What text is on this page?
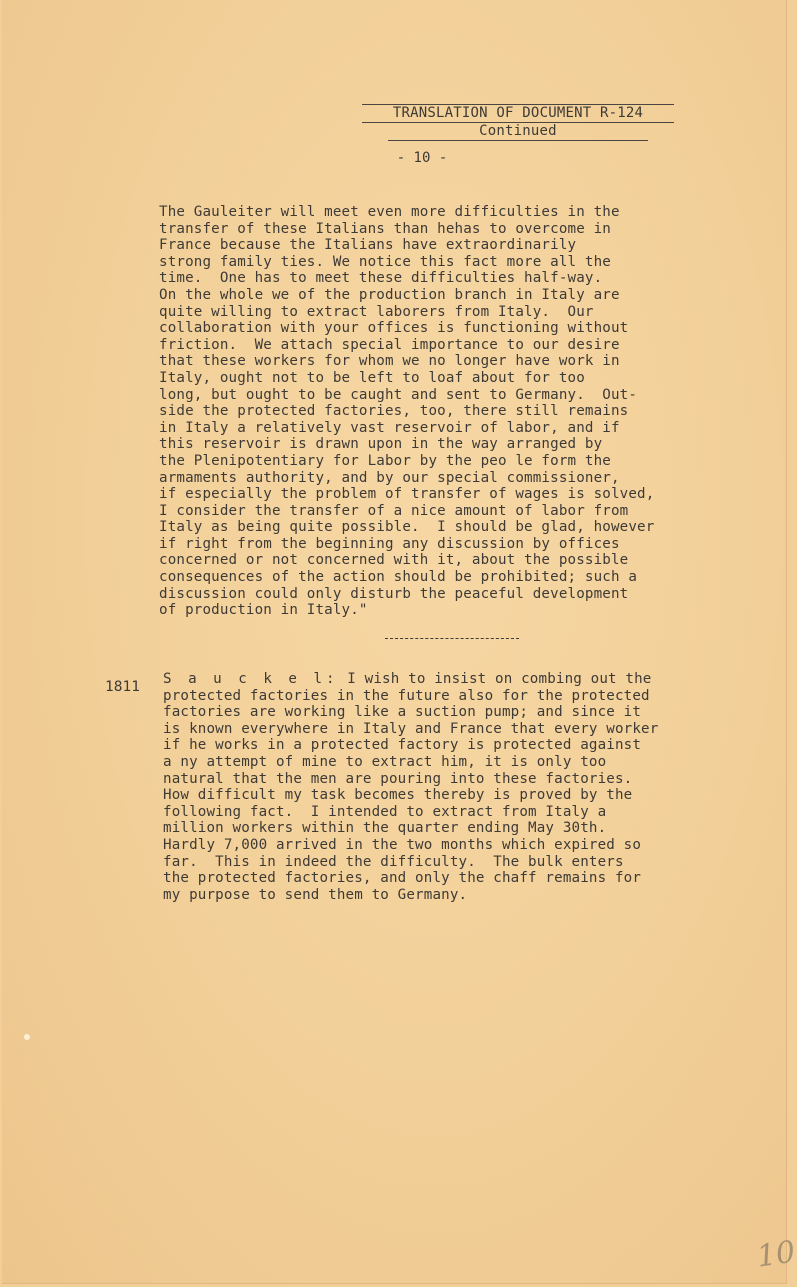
TRANSLATION OF DOCUMENT R-124
Continued
- 10 -
The Gauleiter will meet even more difficulties in the
transfer of these Italians than hehas to overcome in
France because the Italians have extraordinarily
strong family ties. We notice this fact more all the
time.  One has to meet these difficulties half-way.
On the whole we of the production branch in Italy are
quite willing to extract laborers from Italy.  Our
collaboration with your offices is functioning without
friction.  We attach special importance to our desire
that these workers for whom we no longer have work in
Italy, ought not to be left to loaf about for too
long, but ought to be caught and sent to Germany.  Out-
side the protected factories, too, there still remains
in Italy a relatively vast reservoir of labor, and if
this reservoir is drawn upon in the way arranged by
the Plenipotentiary for Labor by the peo le form the
armaments authority, and by our special commissioner,
if especially the problem of transfer of wages is solved,
I consider the transfer of a nice amount of labor from
Italy as being quite possible.  I should be glad, however
if right from the beginning any discussion by offices
concerned or not concerned with it, about the possible
consequences of the action should be prohibited; such a
discussion could only disturb the peaceful development
of production in Italy."
1811 S a u c k e l: I wish to insist on combing out the
protected factories in the future also for the protected
factories are working like a suction pump; and since it
is known everywhere in Italy and France that every worker
if he works in a protected factory is protected against
a ny attempt of mine to extract him, it is only too
natural that the men are pouring into these factories.
How difficult my task becomes thereby is proved by the
following fact.  I intended to extract from Italy a
million workers within the quarter ending May 30th.
Hardly 7,000 arrived in the two months which expired so
far.  This in indeed the difficulty.  The bulk enters
the protected factories, and only the chaff remains for
my purpose to send them to Germany.
10
